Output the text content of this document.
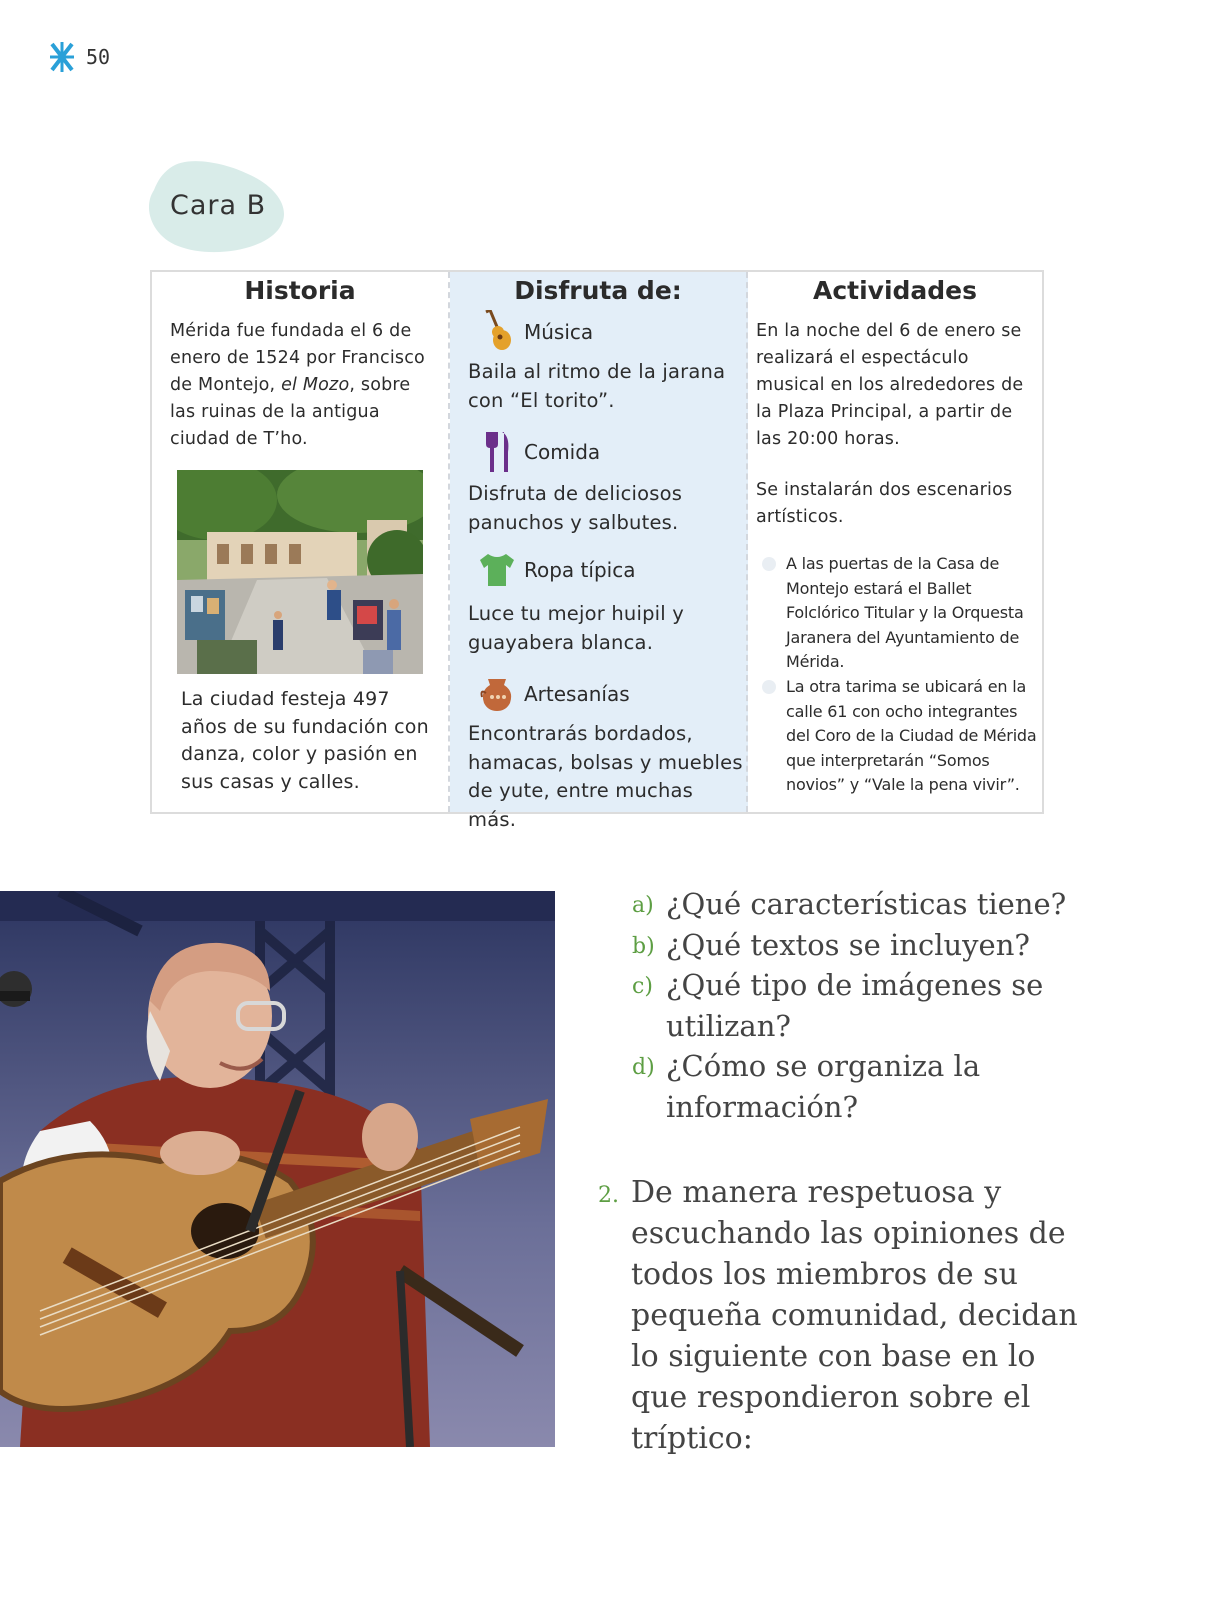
50
Cara B
Historia

Mérida fue fundada el 6 de enero de 1524 por Francisco de Montejo, el Mozo, sobre las ruinas de la antigua ciudad de T’ho.

La ciudad festeja 497 años de su fundación con danza, color y pasión en sus casas y calles.

Disfruta de:
Música

Baila al ritmo de la jarana con “El torito”.

Comida

Disfruta de deliciosos panuchos y salbutes.

Ropa típica

Luce tu mejor huipil y guayabera blanca.

Artesanías

Encontrarás bordados, hamacas, bolsas y muebles de yute, entre muchas más.

Actividades

En la noche del 6 de enero se realizará el espectáculo musical en los alrededores de la Plaza Principal, a partir de las 20:00 horas.

Se instalarán dos escenarios artísticos.

A las puertas de la Casa de Montejo estará el Ballet Folclórico Titular y la Orquesta Jaranera del Ayuntamiento de Mérida.

La otra tarima se ubicará en la calle 61 con ocho integrantes del Coro de la Ciudad de Mérida que interpretarán “Somos novios” y “Vale la pena vivir”.

a) ¿Qué características tiene?
b) ¿Qué textos se incluyen?
c) ¿Qué tipo de imágenes se utilizan?
d) ¿Cómo se organiza la información?
2. De manera respetuosa y escuchando las opiniones de todos los miembros de su pequeña comunidad, decidan lo siguiente con base en lo que respondieron sobre el tríptico:
